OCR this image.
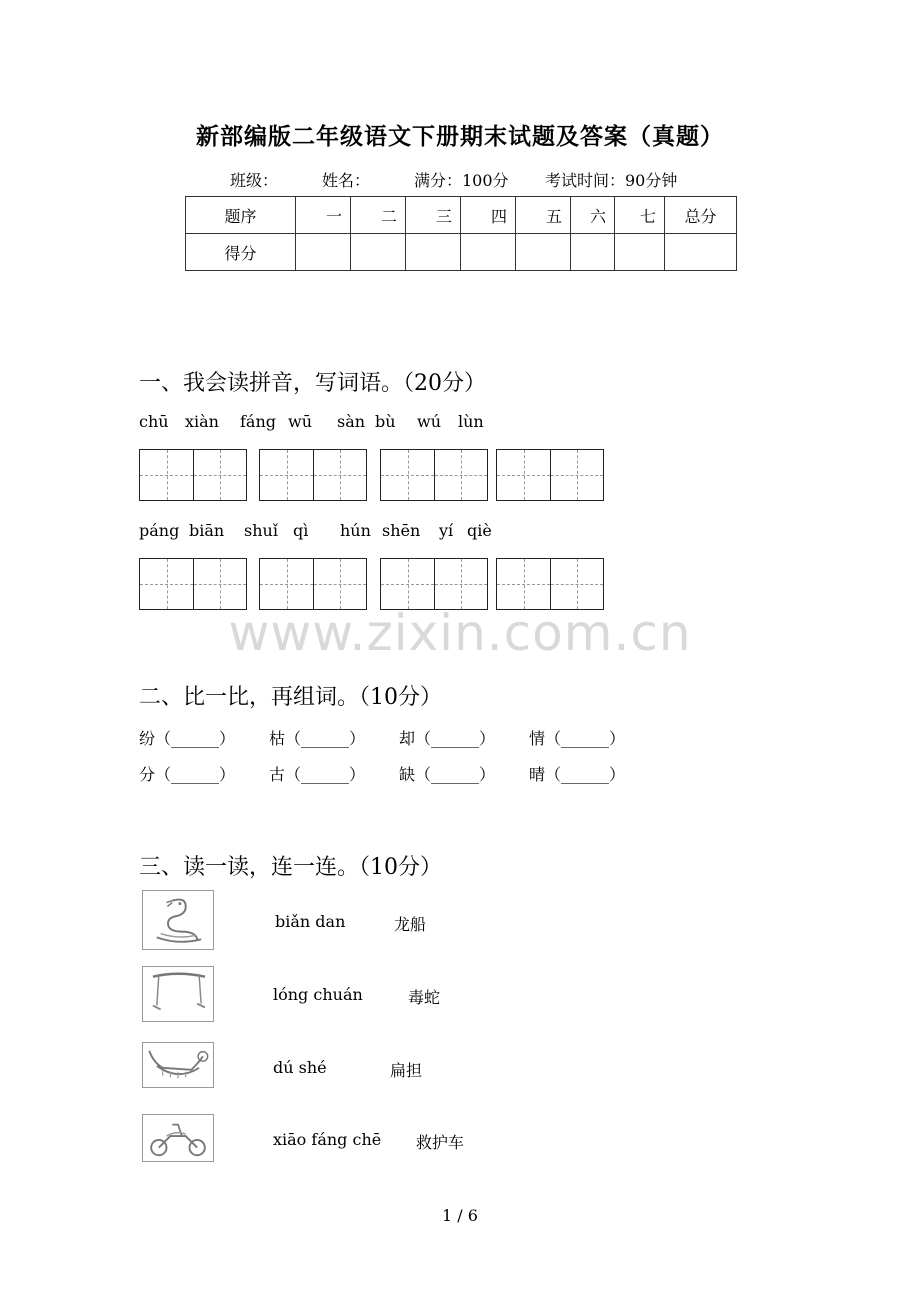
新部编版二年级语文下册期末试题及答案（真题）
班级：	姓名：	满分：100分 考试时间：90分钟
题序	一	二	三	四	五	六	七	总分
得分								
一、我会读拼音，写词语。（20分）
chū xiàn fáng wū sàn bù wú lùn
páng biān shuǐ qì hún shēn yí qiè
www.zixin.com.cn
二、比一比，再组词。（10分）
纷（______） 枯（______） 却（______） 情（______）
分（______） 古（______） 缺（______） 晴（______）
三、读一读，连一连。（10分）
biǎn dan	龙船
lóng chuán	毒蛇
dú shé	扁担
xiāo fáng chē 救护车
1 / 6
